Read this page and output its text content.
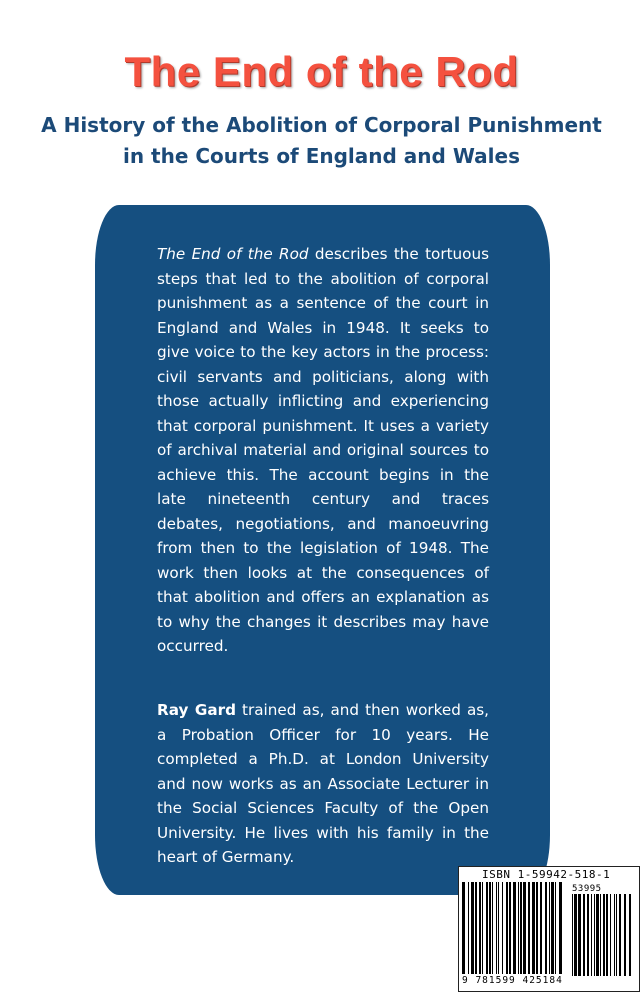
The End of the Rod
A History of the Abolition of Corporal Punishment
in the Courts of England and Wales

The End of the Rod describes the tortuous steps that led to the abolition of corporal punishment as a sentence of the court in England and Wales in 1948. It seeks to give voice to the key actors in the process: civil servants and politicians, along with those actually inflicting and experiencing that corporal punishment. It uses a variety of archival material and original sources to achieve this. The account begins in the late nineteenth century and traces debates, negotiations, and manoeuvring from then to the legislation of 1948. The work then looks at the consequences of that abolition and offers an explanation as to why the changes it describes may have occurred.

Ray Gard trained as, and then worked as, a Probation Officer for 10 years. He completed a Ph.D. at London University and now works as an Associate Lecturer in the Social Sciences Faculty of the Open University. He lives with his family in the heart of Germany.

ISBN 1-59942-518-1
53995
9 781599 425184
